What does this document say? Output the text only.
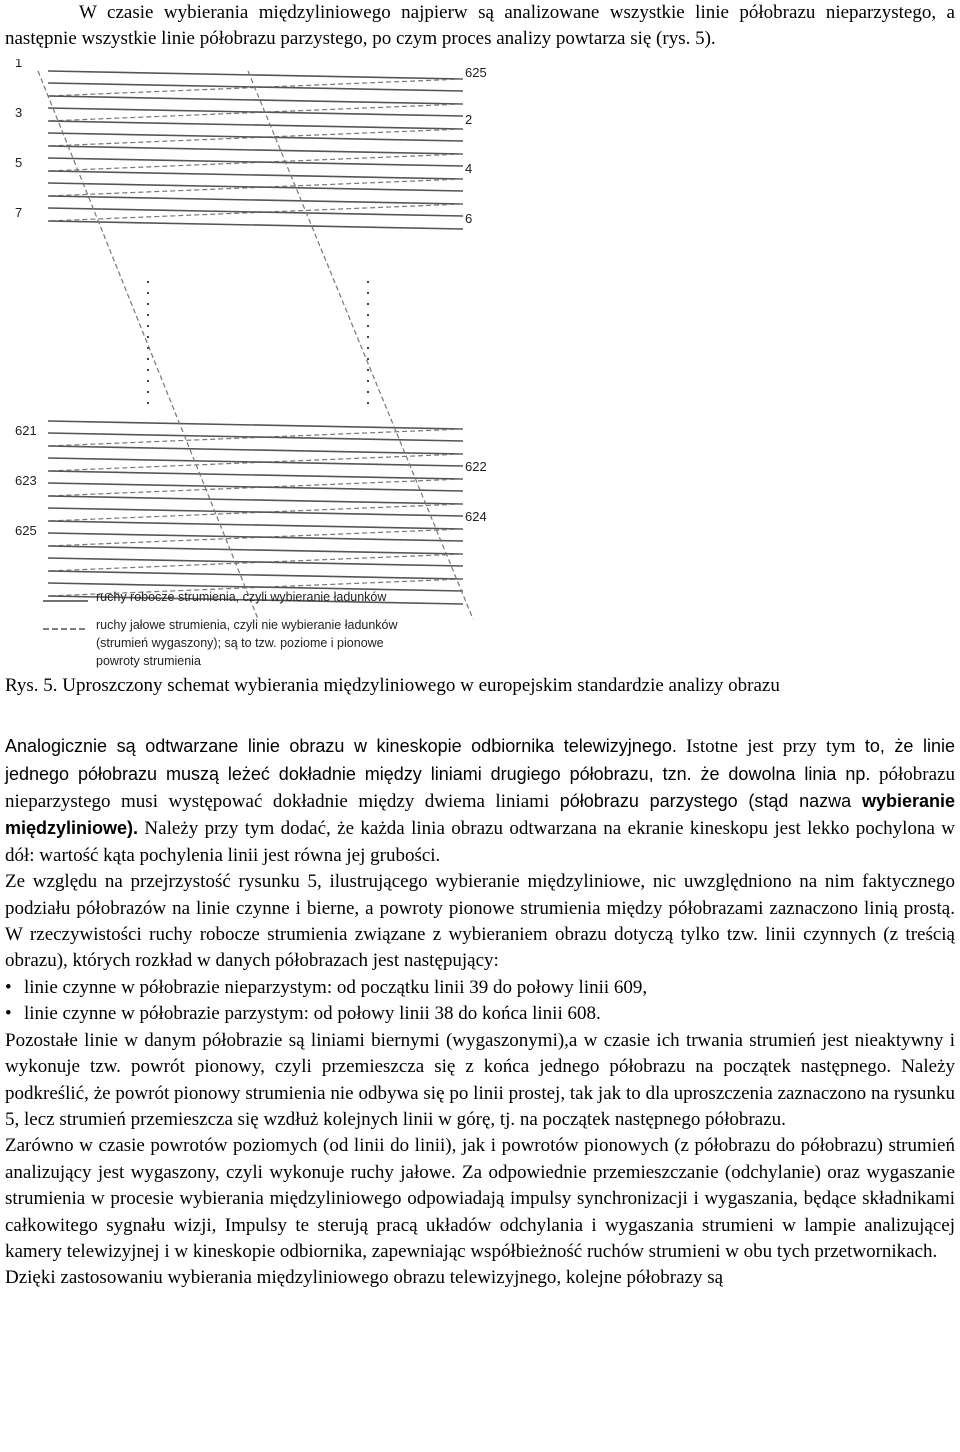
W czasie wybierania międzyliniowego najpierw są analizowane wszystkie linie półobrazu nieparzystego, a następnie wszystkie linie półobrazu parzystego, po czym proces analizy powtarza się (rys. 5).

1
3
5
7
621
623
625
625
2
4
6
622
624
ruchy robocze strumienia, czyli wybieranie ładunków
ruchy jałowe strumienia, czyli nie wybieranie ładunków
(strumień wygaszony); są to tzw. poziome i pionowe
powroty strumienia
Rys. 5. Uproszczony schemat wybierania międzyliniowego w europejskim standardzie analizy obrazu

Analogicznie są odtwarzane linie obrazu w kineskopie odbiornika telewizyjnego. Istotne jest przy tym to, że linie jednego półobrazu muszą leżeć dokładnie między liniami drugiego półobrazu, tzn. że dowolna linia np. półobrazu nieparzystego musi występować dokładnie między dwiema liniami półobrazu parzystego (stąd nazwa wybieranie międzyliniowe). Należy przy tym dodać, że każda linia obrazu odtwarzana na ekranie kineskopu jest lekko pochylona w dół: wartość kąta pochylenia linii jest równa jej grubości.

Ze względu na przejrzystość rysunku 5, ilustrującego wybieranie międzyliniowe, nic uwzględniono na nim faktycznego podziału półobrazów na linie czynne i bierne, a powroty pionowe strumienia między półobrazami zaznaczono linią prostą. W rzeczywistości ruchy robocze strumienia związane z wybieraniem obrazu dotyczą tylko tzw. linii czynnych (z treścią obrazu), których rozkład w danych półobrazach jest następujący:

• linie czynne w półobrazie nieparzystym: od początku linii 39 do połowy linii 609,
• linie czynne w półobrazie parzystym: od połowy linii 38 do końca linii 608.

Pozostałe linie w danym półobrazie są liniami biernymi (wygaszonymi),a w czasie ich trwania strumień jest nieaktywny i wykonuje tzw. powrót pionowy, czyli przemieszcza się z końca jednego półobrazu na początek następnego. Należy podkreślić, że powrót pionowy strumienia nie odbywa się po linii prostej, tak jak to dla uproszczenia zaznaczono na rysunku 5, lecz strumień przemieszcza się wzdłuż kolejnych linii w górę, tj. na początek następnego półobrazu.

Zarówno w czasie powrotów poziomych (od linii do linii), jak i powrotów pionowych (z półobrazu do półobrazu) strumień analizujący jest wygaszony, czyli wykonuje ruchy jałowe. Za odpowiednie przemieszczanie (odchylanie) oraz wygaszanie strumienia w procesie wybierania międzyliniowego odpowiadają impulsy synchronizacji i wygaszania, będące składnikami całkowitego sygnału wizji, Impulsy te sterują pracą układów odchylania i wygaszania strumieni w lampie analizującej kamery telewizyjnej i w kineskopie odbiornika, zapewniając współbieżność ruchów strumieni w obu tych przetwornikach.

Dzięki zastosowaniu wybierania międzyliniowego obrazu telewizyjnego, kolejne półobrazy są
